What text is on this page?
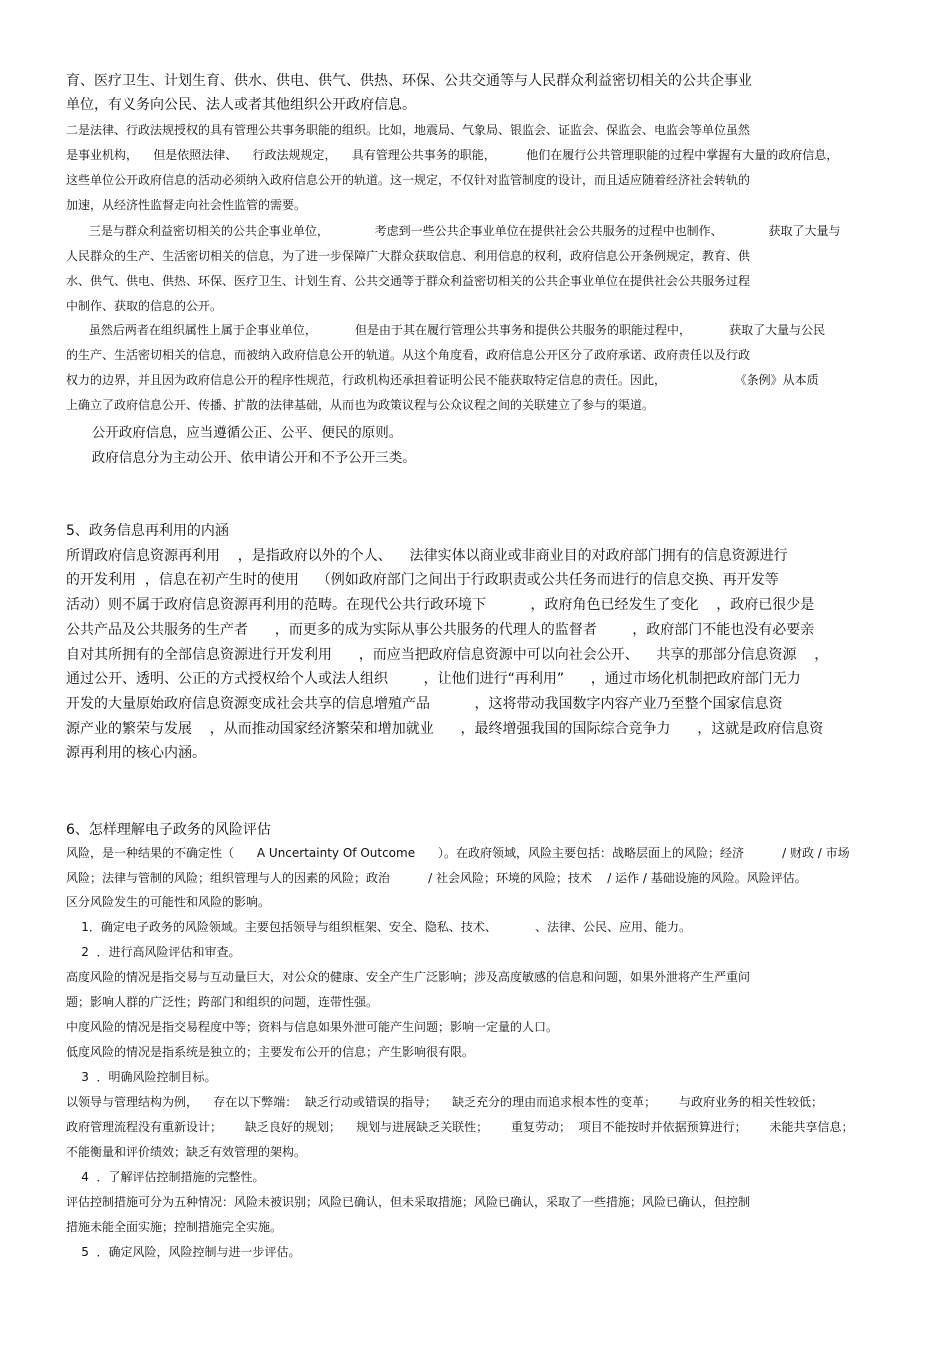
育、医疗卫生、计划生育、供水、供电、供气、供热、环保、公共交通等与人民群众利益密切相关的公共企事业
单位，有义务向公民、法人或者其他组织公开政府信息。
二是法律、行政法规授权的具有管理公共事务职能的组织。比如，地震局、气象局、银监会、证监会、保监会、电监会等单位虽然
是事业机构，    但是依照法律、    行政法规规定，    具有管理公共事务的职能，        他们在履行公共管理职能的过程中掌握有大量的政府信息，
这些单位公开政府信息的活动必须纳入政府信息公开的轨道。这一规定，不仅针对监管制度的设计，而且适应随着经济社会转轨的
加速，从经济性监督走向社会性监管的需要。
三是与群众利益密切相关的公共企事业单位，            考虑到一些公共企事业单位在提供社会公共服务的过程中也制作、            获取了大量与
人民群众的生产、生活密切相关的信息，为了进一步保障广大群众获取信息、利用信息的权利，政府信息公开条例规定，教育、供
水、供气、供电、供热、环保、医疗卫生、计划生育、公共交通等于群众利益密切相关的公共企事业单位在提供社会公共服务过程
中制作、获取的信息的公开。
虽然后两者在组织属性上属于企事业单位，          但是由于其在履行管理公共事务和提供公共服务的职能过程中，          获取了大量与公民
的生产、生活密切相关的信息，而被纳入政府信息公开的轨道。从这个角度看，政府信息公开区分了政府承诺、政府责任以及行政
权力的边界，并且因为政府信息公开的程序性规范，行政机构还承担着证明公民不能获取特定信息的责任。因此，                  《条例》从本质
上确立了政府信息公开、传播、扩散的法律基础，从而也为政策议程与公众议程之间的关联建立了参与的渠道。
公开政府信息，应当遵循公正、公平、便民的原则。
政府信息分为主动公开、依申请公开和不予公开三类。
5、政务信息再利用的内涵
所谓政府信息资源再利用    ，是指政府以外的个人、    法律实体以商业或非商业目的对政府部门拥有的信息资源进行
的开发利用  ，信息在初产生时的使用    （例如政府部门之间出于行政职责或公共任务而进行的信息交换、再开发等
活动）则不属于政府信息资源再利用的范畴。在现代公共行政环境下          ，政府角色已经发生了变化    ，政府已很少是
公共产品及公共服务的生产者      ，而更多的成为实际从事公共服务的代理人的监督者        ，政府部门不能也没有必要亲
自对其所拥有的全部信息资源进行开发利用      ，而应当把政府信息资源中可以向社会公开、    共享的那部分信息资源    ，
通过公开、透明、公正的方式授权给个人或法人组织        ，让他们进行“再利用”      ，通过市场化机制把政府部门无力
开发的大量原始政府信息资源变成社会共享的信息增殖产品          ，这将带动我国数字内容产业乃至整个国家信息资
源产业的繁荣与发展    ，从而推动国家经济繁荣和增加就业      ，最终增强我国的国际综合竞争力      ，这就是政府信息资
源再利用的核心内涵。
6、怎样理解电子政务的风险评估
风险，是一种结果的不确定性（      A Uncertainty Of Outcome      ）。在政府领域，风险主要包括：战略层面上的风险；经济          / 财政 / 市场
风险；法律与管制的风险；组织管理与人的因素的风险；政治          / 社会风险；环境的风险；技术    / 运作 / 基础设施的风险。风险评估。
区分风险发生的可能性和风险的影响。
1．确定电子政务的风险领域。主要包括领导与组织框架、安全、隐私、技术、          、法律、公民、应用、能力。
2  ．进行高风险评估和审查。
高度风险的情况是指交易与互动量巨大，对公众的健康、安全产生广泛影响；涉及高度敏感的信息和问题，如果外泄将产生严重问
题；影响人群的广泛性；跨部门和组织的问题，连带性强。
中度风险的情况是指交易程度中等；资料与信息如果外泄可能产生问题；影响一定量的人口。
低度风险的情况是指系统是独立的；主要发布公开的信息；产生影响很有限。
3  ．明确风险控制目标。
以领导与管理结构为例，    存在以下弊端：  缺乏行动或错误的指导；    缺乏充分的理由而追求根本性的变革；      与政府业务的相关性较低；
政府管理流程没有重新设计；      缺乏良好的规划；    规划与进展缺乏关联性；      重复劳动；  项目不能按时并依据预算进行；      未能共享信息；
不能衡量和评价绩效；缺乏有效管理的架构。
4  ．了解评估控制措施的完整性。
评估控制措施可分为五种情况：风险未被识别；风险已确认，但未采取措施；风险已确认，采取了一些措施；风险已确认，但控制
措施未能全面实施；控制措施完全实施。
5  ．确定风险，风险控制与进一步评估。
